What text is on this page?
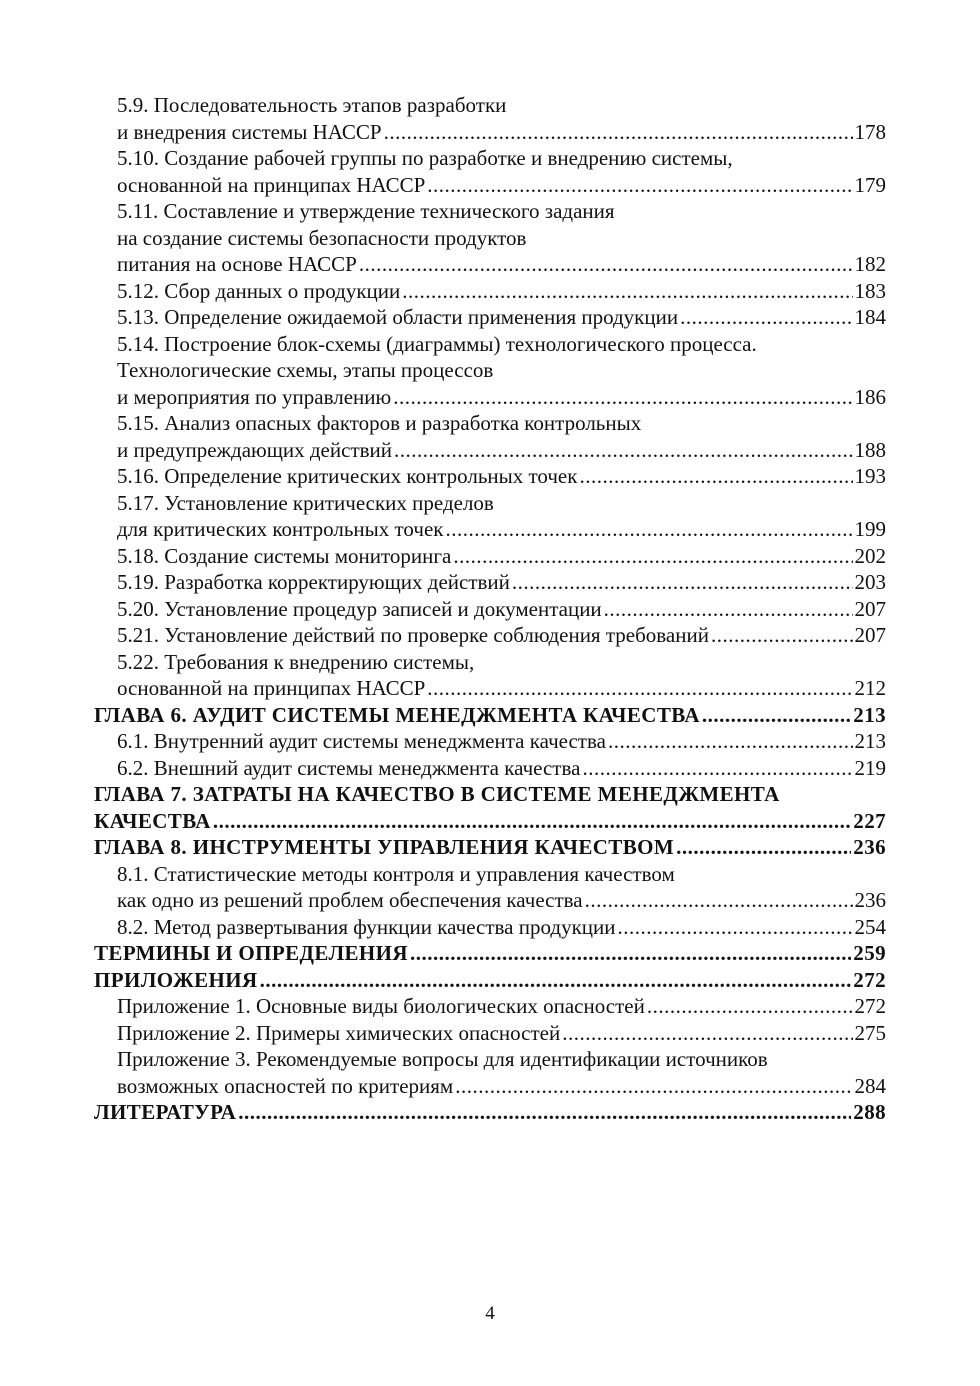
5.9. Последовательность этапов разработки
и внедрения системы НАССР .....	178
5.10. Создание рабочей группы по разработке и внедрению системы,
основанной на принципах НАССР .....	179
5.11. Составление и утверждение технического задания
на создание системы безопасности продуктов
питания на основе НАССР .....	182
5.12. Сбор данных о продукции .....	183
5.13. Определение ожидаемой области применения продукции .....	184
5.14. Построение блок-схемы (диаграммы) технологического процесса.
Технологические схемы, этапы процессов
и мероприятия по управлению .....	186
5.15. Анализ опасных факторов и разработка контрольных
и предупреждающих действий .....	188
5.16. Определение критических контрольных точек .....	193
5.17. Установление критических пределов
для критических контрольных точек .....	199
5.18. Создание системы мониторинга .....	202
5.19. Разработка корректирующих действий .....	203
5.20. Установление процедур записей и документации .....	207
5.21. Установление действий по проверке соблюдения требований .....	207
5.22. Требования к внедрению системы,
основанной на принципах НАССР .....	212
ГЛАВА 6. АУДИТ СИСТЕМЫ МЕНЕДЖМЕНТА КАЧЕСТВА .....	213
6.1. Внутренний аудит системы менеджмента качества .....	213
6.2. Внешний аудит системы менеджмента качества .....	219
ГЛАВА 7. ЗАТРАТЫ НА КАЧЕСТВО В СИСТЕМЕ МЕНЕДЖМЕНТА
КАЧЕСТВА .....	227
ГЛАВА 8. ИНСТРУМЕНТЫ УПРАВЛЕНИЯ КАЧЕСТВОМ .....	236
8.1. Статистические методы контроля и управления качеством
как одно из решений проблем обеспечения качества .....	236
8.2. Метод развертывания функции качества продукции .....	254
ТЕРМИНЫ И ОПРЕДЕЛЕНИЯ .....	259
ПРИЛОЖЕНИЯ .....	272
Приложение 1. Основные виды биологических опасностей .....	272
Приложение 2. Примеры химических опасностей .....	275
Приложение 3. Рекомендуемые вопросы для идентификации источников
возможных опасностей по критериям .....	284
ЛИТЕРАТУРА .....	288
4
